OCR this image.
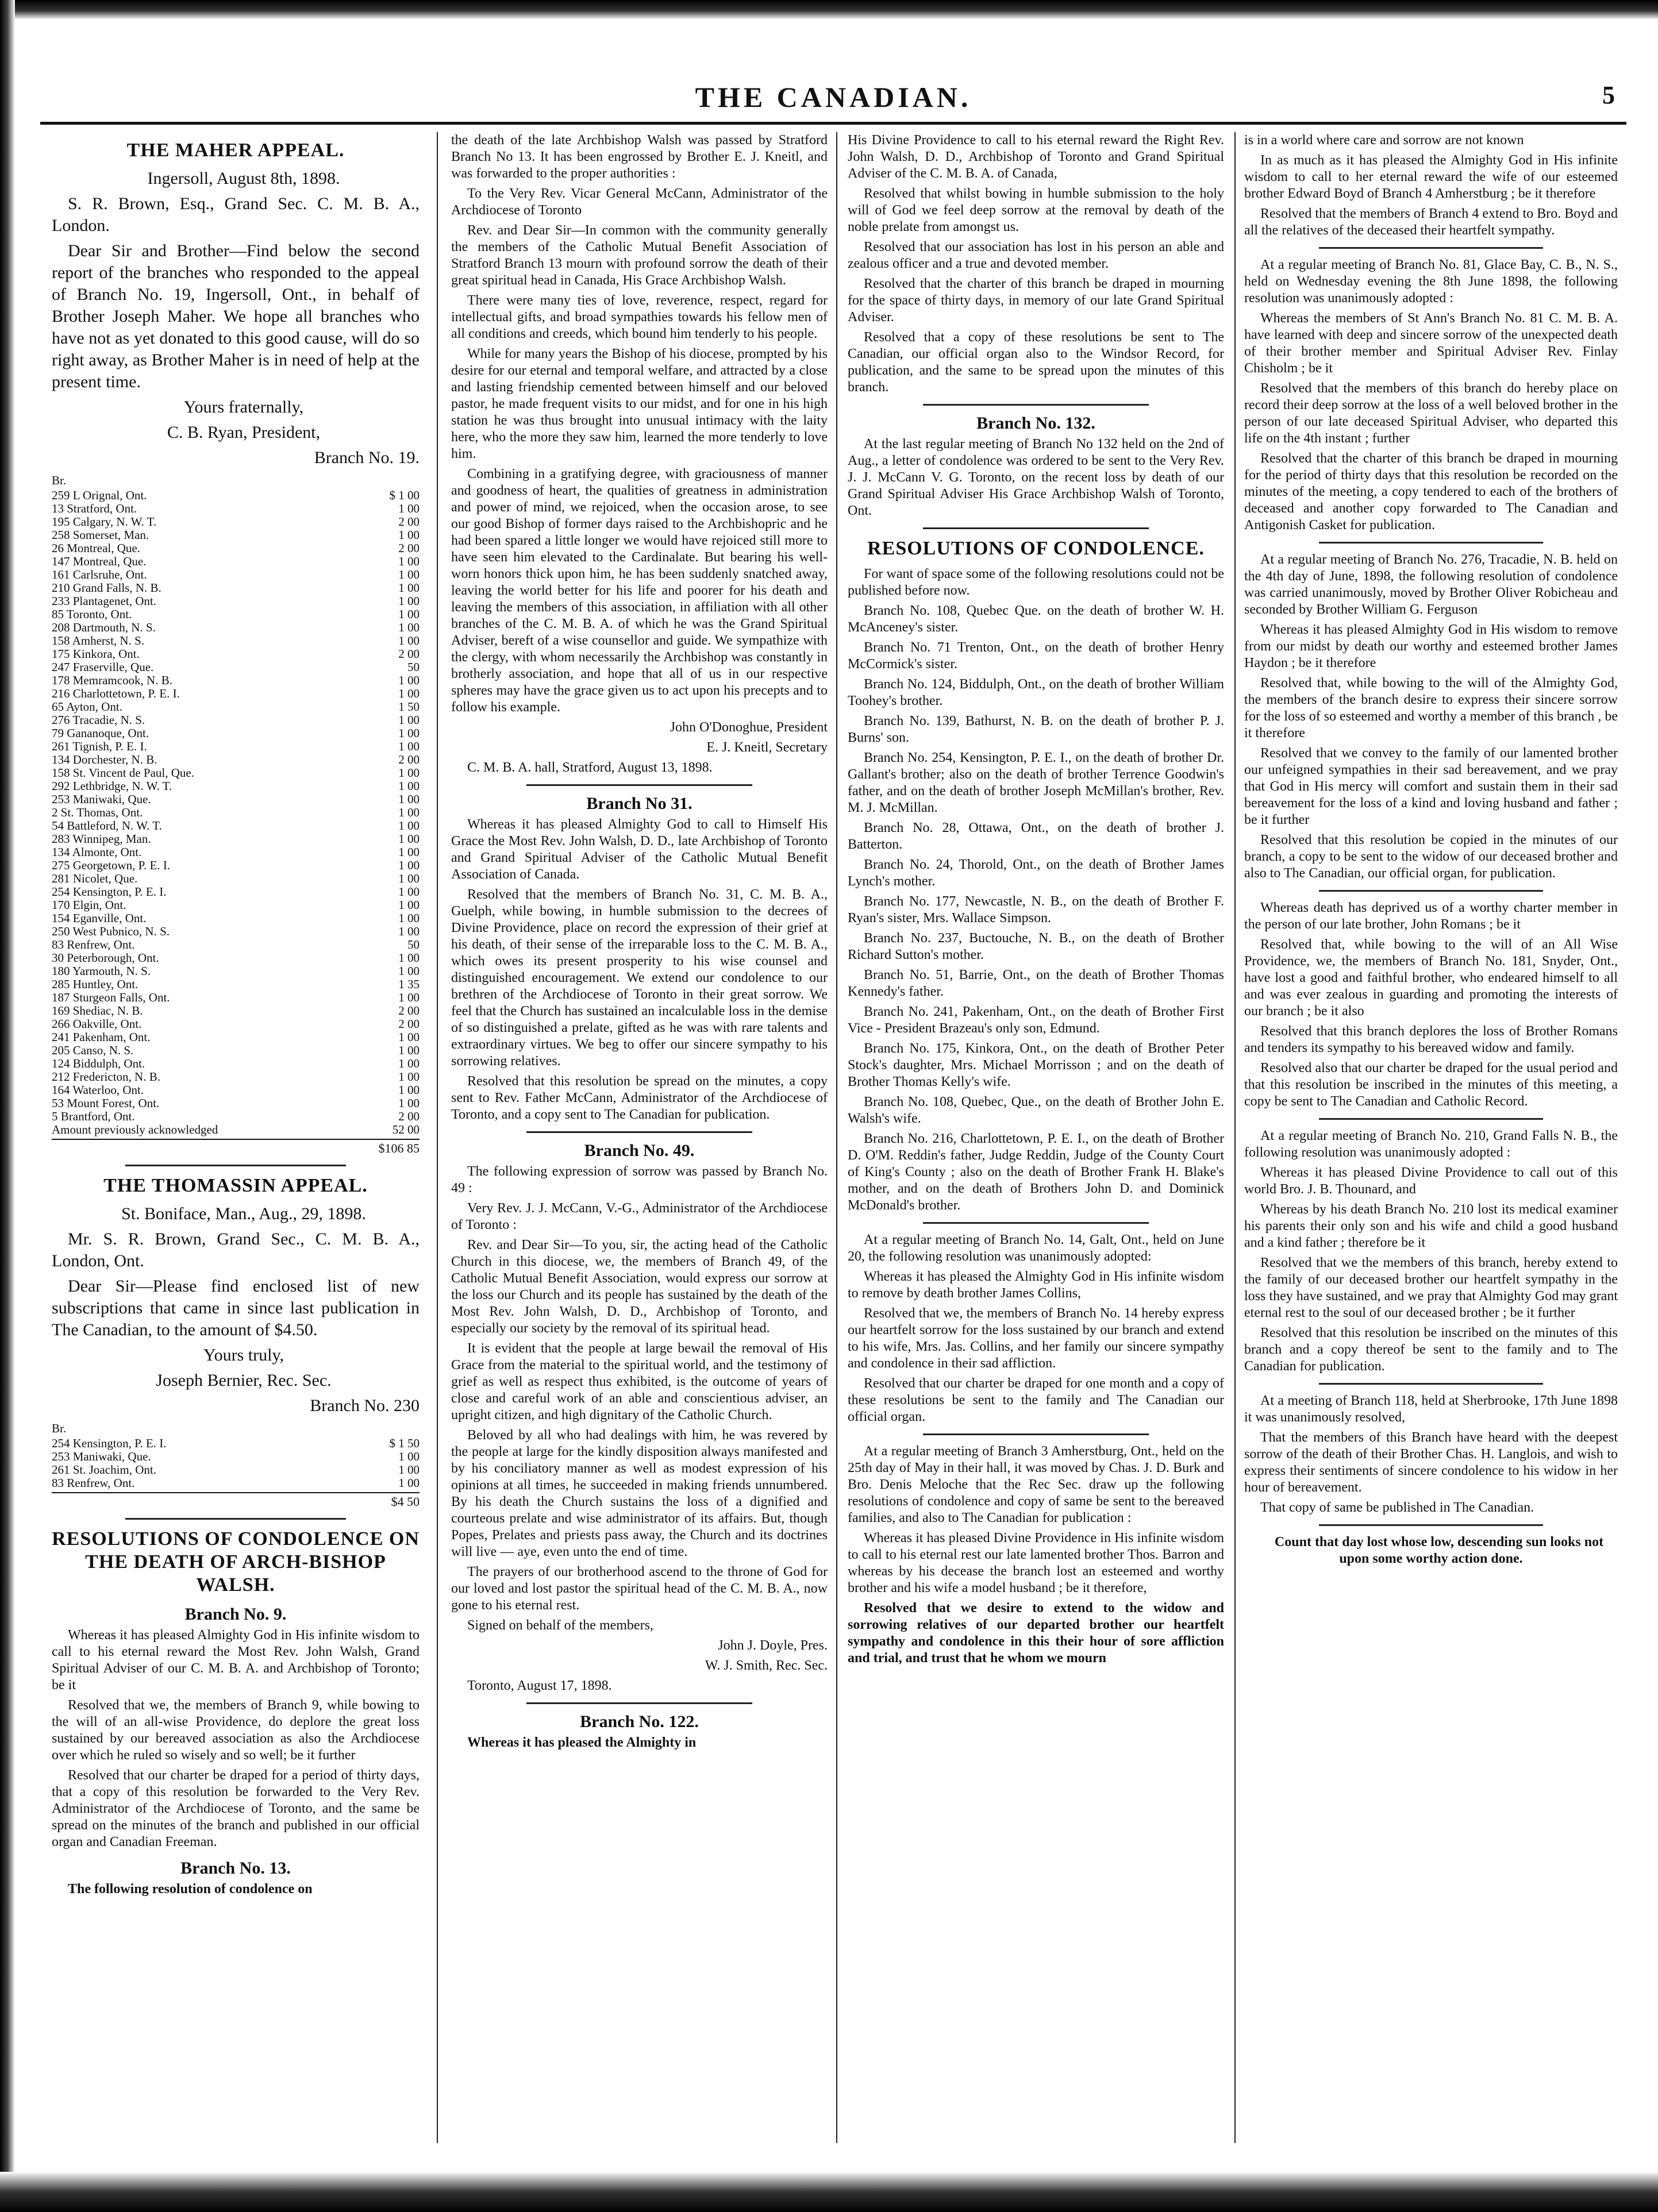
THE CANADIAN.	5
THE MAHER APPEAL.

Ingersoll, August 8th, 1898.

S. R. Brown, Esq., Grand Sec. C. M. B. A., London.

Dear Sir and Brother—Find below the second report of the branches who responded to the appeal of Branch No. 19, Ingersoll, Ont., in behalf of Brother Joseph Maher. We hope all branches who have not as yet donated to this good cause, will do so right away, as Brother Maher is in need of help at the present time.

Yours fraternally,

C. B. Ryan, President,

Branch No. 19.

Br.
259 L Orignal, Ont.	$ 1 00
13 Stratford, Ont.	1 00
195 Calgary, N. W. T.	2 00
258 Somerset, Man.	1 00
26 Montreal, Que.	2 00
147 Montreal, Que.	1 00
161 Carlsruhe, Ont.	1 00
210 Grand Falls, N. B.	1 00
233 Plantagenet, Ont.	1 00
85 Toronto, Ont.	1 00
208 Dartmouth, N. S.	1 00
158 Amherst, N. S.	1 00
175 Kinkora, Ont.	2 00
247 Fraserville, Que.	50
178 Memramcook, N. B.	1 00
216 Charlottetown, P. E. I.	1 00
65 Ayton, Ont.	1 50
276 Tracadie, N. S.	1 00
79 Gananoque, Ont.	1 00
261 Tignish, P. E. I.	1 00
134 Dorchester, N. B.	2 00
158 St. Vincent de Paul, Que.	1 00
292 Lethbridge, N. W. T.	1 00
253 Maniwaki, Que.	1 00
2 St. Thomas, Ont.	1 00
54 Battleford, N. W. T.	1 00
283 Winnipeg, Man.	1 00
134 Almonte, Ont.	1 00
275 Georgetown, P. E. I.	1 00
281 Nicolet, Que.	1 00
254 Kensington, P. E. I.	1 00
170 Elgin, Ont.	1 00
154 Eganville, Ont.	1 00
250 West Pubnico, N. S.	1 00
83 Renfrew, Ont.	50
30 Peterborough, Ont.	1 00
180 Yarmouth, N. S.	1 00
285 Huntley, Ont.	1 35
187 Sturgeon Falls, Ont.	1 00
169 Shediac, N. B.	2 00
266 Oakville, Ont.	2 00
241 Pakenham, Ont.	1 00
205 Canso, N. S.	1 00
124 Biddulph, Ont.	1 00
212 Fredericton, N. B.	1 00
164 Waterloo, Ont.	1 00
53 Mount Forest, Ont.	1 00
5 Brantford, Ont.	2 00
Amount previously acknowledged	52 00
$106 85
THE THOMASSIN APPEAL.

St. Boniface, Man., Aug., 29, 1898.

Mr. S. R. Brown, Grand Sec., C. M. B. A., London, Ont.

Dear Sir—Please find enclosed list of new subscriptions that came in since last publication in The Canadian, to the amount of $4.50.

Yours truly,

Joseph Bernier, Rec. Sec.

Branch No. 230

Br.
254 Kensington, P. E. I.	$ 1 50
253 Maniwaki, Que.	1 00
261 St. Joachim, Ont.	1 00
83 Renfrew, Ont.	1 00
$4 50
RESOLUTIONS OF CONDOLENCE ON THE DEATH OF ARCH-BISHOP WALSH.
Branch No. 9.

Whereas it has pleased Almighty God in His infinite wisdom to call to his eternal reward the Most Rev. John Walsh, Grand Spiritual Adviser of our C. M. B. A. and Archbishop of Toronto; be it

Resolved that we, the members of Branch 9, while bowing to the will of an all-wise Providence, do deplore the great loss sustained by our bereaved association as also the Archdiocese over which he ruled so wisely and so well; be it further

Resolved that our charter be draped for a period of thirty days, that a copy of this resolution be forwarded to the Very Rev. Administrator of the Archdiocese of Toronto, and the same be spread on the minutes of the branch and published in our official organ and Canadian Freeman.

Branch No. 13.

The following resolution of condolence on

the death of the late Archbishop Walsh was passed by Stratford Branch No 13. It has been engrossed by Brother E. J. Kneitl, and was forwarded to the proper authorities :

To the Very Rev. Vicar General McCann, Administrator of the Archdiocese of Toronto

Rev. and Dear Sir—In common with the community generally the members of the Catholic Mutual Benefit Association of Stratford Branch 13 mourn with profound sorrow the death of their great spiritual head in Canada, His Grace Archbishop Walsh.

There were many ties of love, reverence, respect, regard for intellectual gifts, and broad sympathies towards his fellow men of all conditions and creeds, which bound him tenderly to his people.

While for many years the Bishop of his diocese, prompted by his desire for our eternal and temporal welfare, and attracted by a close and lasting friendship cemented between himself and our beloved pastor, he made frequent visits to our midst, and for one in his high station he was thus brought into unusual intimacy with the laity here, who the more they saw him, learned the more tenderly to love him.

Combining in a gratifying degree, with graciousness of manner and goodness of heart, the qualities of greatness in administration and power of mind, we rejoiced, when the occasion arose, to see our good Bishop of former days raised to the Archbishopric and he had been spared a little longer we would have rejoiced still more to have seen him elevated to the Cardinalate. But bearing his well-worn honors thick upon him, he has been suddenly snatched away, leaving the world better for his life and poorer for his death and leaving the members of this association, in affiliation with all other branches of the C. M. B. A. of which he was the Grand Spiritual Adviser, bereft of a wise counsellor and guide. We sympathize with the clergy, with whom necessarily the Archbishop was constantly in brotherly association, and hope that all of us in our respective spheres may have the grace given us to act upon his precepts and to follow his example.

John O'Donoghue, President

E. J. Kneitl, Secretary

C. M. B. A. hall, Stratford, August 13, 1898.

Branch No 31.

Whereas it has pleased Almighty God to call to Himself His Grace the Most Rev. John Walsh, D. D., late Archbishop of Toronto and Grand Spiritual Adviser of the Catholic Mutual Benefit Association of Canada.

Resolved that the members of Branch No. 31, C. M. B. A., Guelph, while bowing, in humble submission to the decrees of Divine Providence, place on record the expression of their grief at his death, of their sense of the irreparable loss to the C. M. B. A., which owes its present prosperity to his wise counsel and distinguished encouragement. We extend our condolence to our brethren of the Archdiocese of Toronto in their great sorrow. We feel that the Church has sustained an incalculable loss in the demise of so distinguished a prelate, gifted as he was with rare talents and extraordinary virtues. We beg to offer our sincere sympathy to his sorrowing relatives.

Resolved that this resolution be spread on the minutes, a copy sent to Rev. Father McCann, Administrator of the Archdiocese of Toronto, and a copy sent to The Canadian for publication.

Branch No. 49.

The following expression of sorrow was passed by Branch No. 49 :

Very Rev. J. J. McCann, V.-G., Administrator of the Archdiocese of Toronto :

Rev. and Dear Sir—To you, sir, the acting head of the Catholic Church in this diocese, we, the members of Branch 49, of the Catholic Mutual Benefit Association, would express our sorrow at the loss our Church and its people has sustained by the death of the Most Rev. John Walsh, D. D., Archbishop of Toronto, and especially our society by the removal of its spiritual head.

It is evident that the people at large bewail the removal of His Grace from the material to the spiritual world, and the testimony of grief as well as respect thus exhibited, is the outcome of years of close and careful work of an able and conscientious adviser, an upright citizen, and high dignitary of the Catholic Church.

Beloved by all who had dealings with him, he was revered by the people at large for the kindly disposition always manifested and by his conciliatory manner as well as modest expression of his opinions at all times, he succeeded in making friends unnumbered. By his death the Church sustains the loss of a dignified and courteous prelate and wise administrator of its affairs. But, though Popes, Prelates and priests pass away, the Church and its doctrines will live — aye, even unto the end of time.

The prayers of our brotherhood ascend to the throne of God for our loved and lost pastor the spiritual head of the C. M. B. A., now gone to his eternal rest.

Signed on behalf of the members,

John J. Doyle, Pres.

W. J. Smith, Rec. Sec.

Toronto, August 17, 1898.

Branch No. 122.

Whereas it has pleased the Almighty in

His Divine Providence to call to his eternal reward the Right Rev. John Walsh, D. D., Archbishop of Toronto and Grand Spiritual Adviser of the C. M. B. A. of Canada,

Resolved that whilst bowing in humble submission to the holy will of God we feel deep sorrow at the removal by death of the noble prelate from amongst us.

Resolved that our association has lost in his person an able and zealous officer and a true and devoted member.

Resolved that the charter of this branch be draped in mourning for the space of thirty days, in memory of our late Grand Spiritual Adviser.

Resolved that a copy of these resolutions be sent to The Canadian, our official organ also to the Windsor Record, for publication, and the same to be spread upon the minutes of this branch.

Branch No. 132.

At the last regular meeting of Branch No 132 held on the 2nd of Aug., a letter of condolence was ordered to be sent to the Very Rev. J. J. McCann V. G. Toronto, on the recent loss by death of our Grand Spiritual Adviser His Grace Archbishop Walsh of Toronto, Ont.

RESOLUTIONS OF CONDOLENCE.

For want of space some of the following resolutions could not be published before now.

Branch No. 108, Quebec Que. on the death of brother W. H. McAnceney's sister.

Branch No. 71 Trenton, Ont., on the death of brother Henry McCormick's sister.

Branch No. 124, Biddulph, Ont., on the death of brother William Toohey's brother.

Branch No. 139, Bathurst, N. B. on the death of brother P. J. Burns' son.

Branch No. 254, Kensington, P. E. I., on the death of brother Dr. Gallant's brother; also on the death of brother Terrence Goodwin's father, and on the death of brother Joseph McMillan's brother, Rev. M. J. McMillan.

Branch No. 28, Ottawa, Ont., on the death of brother J. Batterton.

Branch No. 24, Thorold, Ont., on the death of Brother James Lynch's mother.

Branch No. 177, Newcastle, N. B., on the death of Brother F. Ryan's sister, Mrs. Wallace Simpson.

Branch No. 237, Buctouche, N. B., on the death of Brother Richard Sutton's mother.

Branch No. 51, Barrie, Ont., on the death of Brother Thomas Kennedy's father.

Branch No. 241, Pakenham, Ont., on the death of Brother First Vice - President Brazeau's only son, Edmund.

Branch No. 175, Kinkora, Ont., on the death of Brother Peter Stock's daughter, Mrs. Michael Morrisson ; and on the death of Brother Thomas Kelly's wife.

Branch No. 108, Quebec, Que., on the death of Brother John E. Walsh's wife.

Branch No. 216, Charlottetown, P. E. I., on the death of Brother D. O'M. Reddin's father, Judge Reddin, Judge of the County Court of King's County ; also on the death of Brother Frank H. Blake's mother, and on the death of Brothers John D. and Dominick McDonald's brother.

At a regular meeting of Branch No. 14, Galt, Ont., held on June 20, the following resolution was unanimously adopted:

Whereas it has pleased the Almighty God in His infinite wisdom to remove by death brother James Collins,

Resolved that we, the members of Branch No. 14 hereby express our heartfelt sorrow for the loss sustained by our branch and extend to his wife, Mrs. Jas. Collins, and her family our sincere sympathy and condolence in their sad affliction.

Resolved that our charter be draped for one month and a copy of these resolutions be sent to the family and The Canadian our official organ.

At a regular meeting of Branch 3 Amherstburg, Ont., held on the 25th day of May in their hall, it was moved by Chas. J. D. Burk and Bro. Denis Meloche that the Rec Sec. draw up the following resolutions of condolence and copy of same be sent to the bereaved families, and also to The Canadian for publication :

Whereas it has pleased Divine Providence in His infinite wisdom to call to his eternal rest our late lamented brother Thos. Barron and whereas by his decease the branch lost an esteemed and worthy brother and his wife a model husband ; be it therefore,

Resolved that we desire to extend to the widow and sorrowing relatives of our departed brother our heartfelt sympathy and condolence in this their hour of sore affliction and trial, and trust that he whom we mourn

is in a world where care and sorrow are not known

In as much as it has pleased the Almighty God in His infinite wisdom to call to her eternal reward the wife of our esteemed brother Edward Boyd of Branch 4 Amherstburg ; be it therefore

Resolved that the members of Branch 4 extend to Bro. Boyd and all the relatives of the deceased their heartfelt sympathy.

At a regular meeting of Branch No. 81, Glace Bay, C. B., N. S., held on Wednesday evening the 8th June 1898, the following resolution was unanimously adopted :

Whereas the members of St Ann's Branch No. 81 C. M. B. A. have learned with deep and sincere sorrow of the unexpected death of their brother member and Spiritual Adviser Rev. Finlay Chisholm ; be it

Resolved that the members of this branch do hereby place on record their deep sorrow at the loss of a well beloved brother in the person of our late deceased Spiritual Adviser, who departed this life on the 4th instant ; further

Resolved that the charter of this branch be draped in mourning for the period of thirty days that this resolution be recorded on the minutes of the meeting, a copy tendered to each of the brothers of deceased and another copy forwarded to The Canadian and Antigonish Casket for publication.

At a regular meeting of Branch No. 276, Tracadie, N. B. held on the 4th day of June, 1898, the following resolution of condolence was carried unanimously, moved by Brother Oliver Robicheau and seconded by Brother William G. Ferguson

Whereas it has pleased Almighty God in His wisdom to remove from our midst by death our worthy and esteemed brother James Haydon ; be it therefore

Resolved that, while bowing to the will of the Almighty God, the members of the branch desire to express their sincere sorrow for the loss of so esteemed and worthy a member of this branch , be it therefore

Resolved that we convey to the family of our lamented brother our unfeigned sympathies in their sad bereavement, and we pray that God in His mercy will comfort and sustain them in their sad bereavement for the loss of a kind and loving husband and father ; be it further

Resolved that this resolution be copied in the minutes of our branch, a copy to be sent to the widow of our deceased brother and also to The Canadian, our official organ, for publication.

Whereas death has deprived us of a worthy charter member in the person of our late brother, John Romans ; be it

Resolved that, while bowing to the will of an All Wise Providence, we, the members of Branch No. 181, Snyder, Ont., have lost a good and faithful brother, who endeared himself to all and was ever zealous in guarding and promoting the interests of our branch ; be it also

Resolved that this branch deplores the loss of Brother Romans and tenders its sympathy to his bereaved widow and family.

Resolved also that our charter be draped for the usual period and that this resolution be inscribed in the minutes of this meeting, a copy be sent to The Canadian and Catholic Record.

At a regular meeting of Branch No. 210, Grand Falls N. B., the following resolution was unanimously adopted :

Whereas it has pleased Divine Providence to call out of this world Bro. J. B. Thounard, and

Whereas by his death Branch No. 210 lost its medical examiner his parents their only son and his wife and child a good husband and a kind father ; therefore be it

Resolved that we the members of this branch, hereby extend to the family of our deceased brother our heartfelt sympathy in the loss they have sustained, and we pray that Almighty God may grant eternal rest to the soul of our deceased brother ; be it further

Resolved that this resolution be inscribed on the minutes of this branch and a copy thereof be sent to the family and to The Canadian for publication.

At a meeting of Branch 118, held at Sherbrooke, 17th June 1898 it was unanimously resolved,

That the members of this Branch have heard with the deepest sorrow of the death of their Brother Chas. H. Langlois, and wish to express their sentiments of sincere condolence to his widow in her hour of bereavement.

That copy of same be published in The Canadian.

Count that day lost whose low, descending sun looks not upon some worthy action done.
